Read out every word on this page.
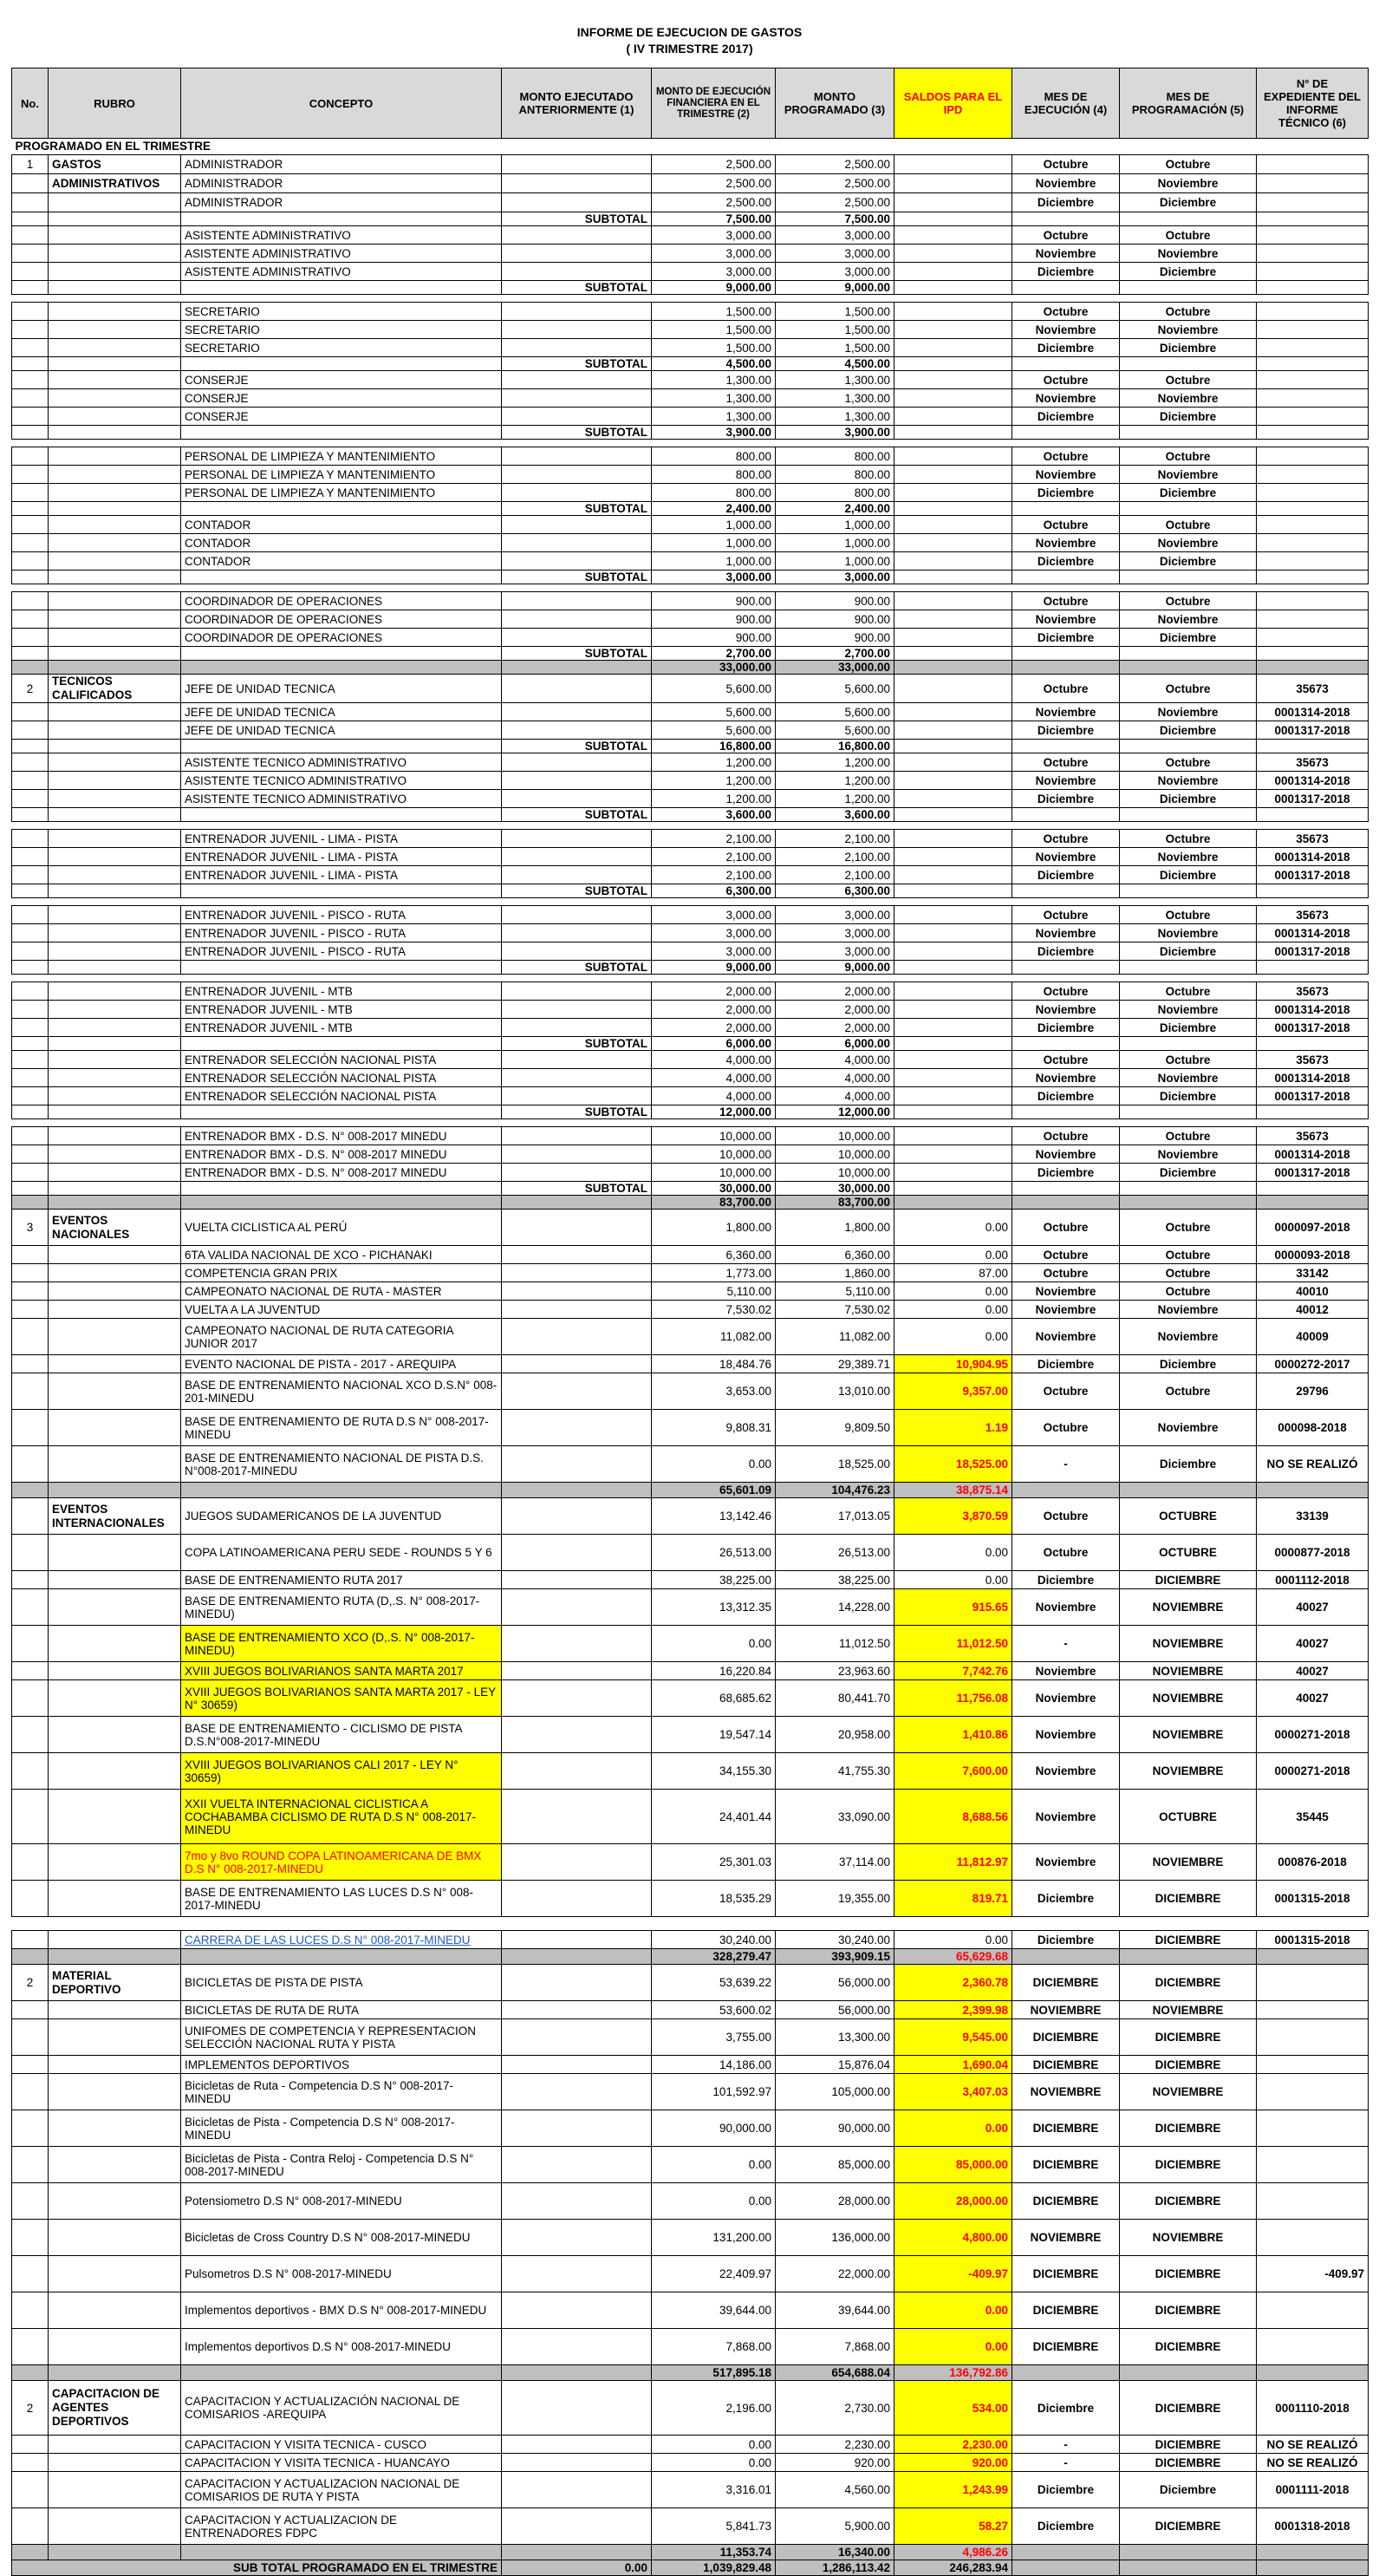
INFORME DE EJECUCION DE GASTOS
( IV TRIMESTRE 2017)
No.	RUBRO	CONCEPTO	MONTO EJECUTADO ANTERIORMENTE (1)	MONTO DE EJECUCIÓN FINANCIERA EN EL TRIMESTRE (2)	MONTO PROGRAMADO (3)	SALDOS PARA EL IPD	MES DE EJECUCIÓN (4)	MES DE PROGRAMACIÓN (5)	N° DE EXPEDIENTE DEL INFORME TÉCNICO (6)
PROGRAMADO EN EL TRIMESTRE									
1	GASTOS	ADMINISTRADOR		2,500.00	2,500.00		Octubre	Octubre	
	ADMINISTRATIVOS	ADMINISTRADOR		2,500.00	2,500.00		Noviembre	Noviembre	
		ADMINISTRADOR		2,500.00	2,500.00		Diciembre	Diciembre	
			SUBTOTAL	7,500.00	7,500.00				
		ASISTENTE ADMINISTRATIVO		3,000.00	3,000.00		Octubre	Octubre	
		ASISTENTE ADMINISTRATIVO		3,000.00	3,000.00		Noviembre	Noviembre	
		ASISTENTE ADMINISTRATIVO		3,000.00	3,000.00		Diciembre	Diciembre	
			SUBTOTAL	9,000.00	9,000.00				

		SECRETARIO		1,500.00	1,500.00		Octubre	Octubre	
		SECRETARIO		1,500.00	1,500.00		Noviembre	Noviembre	
		SECRETARIO		1,500.00	1,500.00		Diciembre	Diciembre	
			SUBTOTAL	4,500.00	4,500.00				
		CONSERJE		1,300.00	1,300.00		Octubre	Octubre	
		CONSERJE		1,300.00	1,300.00		Noviembre	Noviembre	
		CONSERJE		1,300.00	1,300.00		Diciembre	Diciembre	
			SUBTOTAL	3,900.00	3,900.00				

		PERSONAL DE LIMPIEZA Y MANTENIMIENTO		800.00	800.00		Octubre	Octubre	
		PERSONAL DE LIMPIEZA Y MANTENIMIENTO		800.00	800.00		Noviembre	Noviembre	
		PERSONAL DE LIMPIEZA Y MANTENIMIENTO		800.00	800.00		Diciembre	Diciembre	
			SUBTOTAL	2,400.00	2,400.00				
		CONTADOR		1,000.00	1,000.00		Octubre	Octubre	
		CONTADOR		1,000.00	1,000.00		Noviembre	Noviembre	
		CONTADOR		1,000.00	1,000.00		Diciembre	Diciembre	
			SUBTOTAL	3,000.00	3,000.00				

		COORDINADOR DE OPERACIONES		900.00	900.00		Octubre	Octubre	
		COORDINADOR DE OPERACIONES		900.00	900.00		Noviembre	Noviembre	
		COORDINADOR DE OPERACIONES		900.00	900.00		Diciembre	Diciembre	
			SUBTOTAL	2,700.00	2,700.00				
				33,000.00	33,000.00				
2	TECNICOS CALIFICADOS	JEFE DE UNIDAD TECNICA		5,600.00	5,600.00		Octubre	Octubre	35673
		JEFE DE UNIDAD TECNICA		5,600.00	5,600.00		Noviembre	Noviembre	0001314-2018
		JEFE DE UNIDAD TECNICA		5,600.00	5,600.00		Diciembre	Diciembre	0001317-2018
			SUBTOTAL	16,800.00	16,800.00				
		ASISTENTE TECNICO ADMINISTRATIVO		1,200.00	1,200.00		Octubre	Octubre	35673
		ASISTENTE TECNICO ADMINISTRATIVO		1,200.00	1,200.00		Noviembre	Noviembre	0001314-2018
		ASISTENTE TECNICO ADMINISTRATIVO		1,200.00	1,200.00		Diciembre	Diciembre	0001317-2018
			SUBTOTAL	3,600.00	3,600.00				

		ENTRENADOR JUVENIL - LIMA - PISTA		2,100.00	2,100.00		Octubre	Octubre	35673
		ENTRENADOR JUVENIL - LIMA - PISTA		2,100.00	2,100.00		Noviembre	Noviembre	0001314-2018
		ENTRENADOR JUVENIL - LIMA - PISTA		2,100.00	2,100.00		Diciembre	Diciembre	0001317-2018
			SUBTOTAL	6,300.00	6,300.00				

		ENTRENADOR JUVENIL - PISCO - RUTA		3,000.00	3,000.00		Octubre	Octubre	35673
		ENTRENADOR JUVENIL - PISCO - RUTA		3,000.00	3,000.00		Noviembre	Noviembre	0001314-2018
		ENTRENADOR JUVENIL - PISCO - RUTA		3,000.00	3,000.00		Diciembre	Diciembre	0001317-2018
			SUBTOTAL	9,000.00	9,000.00				

		ENTRENADOR JUVENIL - MTB		2,000.00	2,000.00		Octubre	Octubre	35673
		ENTRENADOR JUVENIL - MTB		2,000.00	2,000.00		Noviembre	Noviembre	0001314-2018
		ENTRENADOR JUVENIL - MTB		2,000.00	2,000.00		Diciembre	Diciembre	0001317-2018
			SUBTOTAL	6,000.00	6,000.00				
		ENTRENADOR SELECCIÓN NACIONAL PISTA		4,000.00	4,000.00		Octubre	Octubre	35673
		ENTRENADOR SELECCIÓN NACIONAL PISTA		4,000.00	4,000.00		Noviembre	Noviembre	0001314-2018
		ENTRENADOR SELECCIÓN NACIONAL PISTA		4,000.00	4,000.00		Diciembre	Diciembre	0001317-2018
			SUBTOTAL	12,000.00	12,000.00				

		ENTRENADOR BMX - D.S. N° 008-2017 MINEDU		10,000.00	10,000.00		Octubre	Octubre	35673
		ENTRENADOR BMX - D.S. N° 008-2017 MINEDU		10,000.00	10,000.00		Noviembre	Noviembre	0001314-2018
		ENTRENADOR BMX - D.S. N° 008-2017 MINEDU		10,000.00	10,000.00		Diciembre	Diciembre	0001317-2018
			SUBTOTAL	30,000.00	30,000.00				
				83,700.00	83,700.00				
3	EVENTOS NACIONALES	VUELTA CICLISTICA AL PERÚ		1,800.00	1,800.00	0.00	Octubre	Octubre	0000097-2018
		6TA VALIDA NACIONAL DE XCO - PICHANAKI		6,360.00	6,360.00	0.00	Octubre	Octubre	0000093-2018
		COMPETENCIA GRAN PRIX		1,773.00	1,860.00	87.00	Octubre	Octubre	33142
		CAMPEONATO NACIONAL DE RUTA - MASTER		5,110.00	5,110.00	0.00	Noviembre	Octubre	40010
		VUELTA A LA JUVENTUD		7,530.02	7,530.02	0.00	Noviembre	Noviembre	40012
		CAMPEONATO NACIONAL DE RUTA CATEGORIA JUNIOR 2017		11,082.00	11,082.00	0.00	Noviembre	Noviembre	40009
		EVENTO NACIONAL DE PISTA - 2017 - AREQUIPA		18,484.76	29,389.71	10,904.95	Diciembre	Diciembre	0000272-2017
		BASE DE ENTRENAMIENTO NACIONAL XCO D.S.N° 008-201-MINEDU		3,653.00	13,010.00	9,357.00	Octubre	Octubre	29796
		BASE DE ENTRENAMIENTO DE RUTA D.S N° 008-2017-MINEDU		9,808.31	9,809.50	1.19	Octubre	Noviembre	000098-2018
		BASE DE ENTRENAMIENTO NACIONAL DE PISTA D.S. N°008-2017-MINEDU		0.00	18,525.00	18,525.00	-	Diciembre	NO SE REALIZÓ
				65,601.09	104,476.23	38,875.14			
	EVENTOS INTERNACIONALES	JUEGOS SUDAMERICANOS DE LA JUVENTUD		13,142.46	17,013.05	3,870.59	Octubre	OCTUBRE	33139
		COPA LATINOAMERICANA PERU SEDE - ROUNDS 5 Y 6		26,513.00	26,513.00	0.00	Octubre	OCTUBRE	0000877-2018
		BASE DE ENTRENAMIENTO RUTA 2017		38,225.00	38,225.00	0.00	Diciembre	DICIEMBRE	0001112-2018
		BASE DE ENTRENAMIENTO RUTA (D,.S. N° 008-2017-MINEDU)		13,312.35	14,228.00	915.65	Noviembre	NOVIEMBRE	40027
		BASE DE ENTRENAMIENTO XCO (D,.S. N° 008-2017-MINEDU)		0.00	11,012.50	11,012.50	-	NOVIEMBRE	40027
		XVIII JUEGOS BOLIVARIANOS SANTA MARTA 2017		16,220.84	23,963.60	7,742.76	Noviembre	NOVIEMBRE	40027
		XVIII JUEGOS BOLIVARIANOS SANTA MARTA 2017 - LEY N° 30659)		68,685.62	80,441.70	11,756.08	Noviembre	NOVIEMBRE	40027
		BASE DE ENTRENAMIENTO - CICLISMO DE PISTA D.S.N°008-2017-MINEDU		19,547.14	20,958.00	1,410.86	Noviembre	NOVIEMBRE	0000271-2018
		XVIII JUEGOS BOLIVARIANOS CALI 2017 - LEY N° 30659)		34,155.30	41,755.30	7,600.00	Noviembre	NOVIEMBRE	0000271-2018
		XXII VUELTA INTERNACIONAL CICLISTICA A COCHABAMBA CICLISMO DE RUTA D.S N° 008-2017-MINEDU		24,401.44	33,090.00	8,688.56	Noviembre	OCTUBRE	35445
		7mo y 8vo ROUND COPA LATINOAMERICANA DE BMX D.S N° 008-2017-MINEDU		25,301.03	37,114.00	11,812.97	Noviembre	NOVIEMBRE	000876-2018
		BASE DE ENTRENAMIENTO LAS LUCES D.S N° 008-2017-MINEDU		18,535.29	19,355.00	819.71	Diciembre	DICIEMBRE	0001315-2018

		CARRERA DE LAS LUCES D.S N° 008-2017-MINEDU		30,240.00	30,240.00	0.00	Diciembre	DICIEMBRE	0001315-2018
				328,279.47	393,909.15	65,629.68			
2	MATERIAL DEPORTIVO	BICICLETAS DE PISTA DE PISTA		53,639.22	56,000.00	2,360.78	DICIEMBRE	DICIEMBRE	
		BICICLETAS DE RUTA DE RUTA		53,600.02	56,000.00	2,399.98	NOVIEMBRE	NOVIEMBRE	
		UNIFOMES DE COMPETENCIA Y REPRESENTACION SELECCIÓN NACIONAL RUTA Y PISTA		3,755.00	13,300.00	9,545.00	DICIEMBRE	DICIEMBRE	
		IMPLEMENTOS DEPORTIVOS		14,186.00	15,876.04	1,690.04	DICIEMBRE	DICIEMBRE	
		Bicicletas de Ruta - Competencia D.S N° 008-2017-MINEDU		101,592.97	105,000.00	3,407.03	NOVIEMBRE	NOVIEMBRE	
		Bicicletas de Pista - Competencia D.S N° 008-2017-MINEDU		90,000.00	90,000.00	0.00	DICIEMBRE	DICIEMBRE	
		Bicicletas de Pista - Contra Reloj - Competencia D.S N° 008-2017-MINEDU		0.00	85,000.00	85,000.00	DICIEMBRE	DICIEMBRE	
		Potensiometro D.S N° 008-2017-MINEDU		0.00	28,000.00	28,000.00	DICIEMBRE	DICIEMBRE	
		Bicicletas de Cross Country D.S N° 008-2017-MINEDU		131,200.00	136,000.00	4,800.00	NOVIEMBRE	NOVIEMBRE	
		Pulsometros D.S N° 008-2017-MINEDU		22,409.97	22,000.00	-409.97	DICIEMBRE	DICIEMBRE	-409.97
		Implementos deportivos - BMX D.S N° 008-2017-MINEDU		39,644.00	39,644.00	0.00	DICIEMBRE	DICIEMBRE	
		Implementos deportivos D.S N° 008-2017-MINEDU		7,868.00	7,868.00	0.00	DICIEMBRE	DICIEMBRE	
				517,895.18	654,688.04	136,792.86			
2	CAPACITACION DE AGENTES DEPORTIVOS	CAPACITACION Y ACTUALIZACIÓN NACIONAL DE COMISARIOS -AREQUIPA		2,196.00	2,730.00	534.00	Diciembre	DICIEMBRE	0001110-2018
		CAPACITACION Y VISITA TECNICA - CUSCO		0.00	2,230.00	2,230.00	-	DICIEMBRE	NO SE REALIZÓ
		CAPACITACION Y VISITA TECNICA - HUANCAYO		0.00	920.00	920.00	-	DICIEMBRE	NO SE REALIZÓ
		CAPACITACION Y ACTUALIZACION NACIONAL DE COMISARIOS DE RUTA Y PISTA		3,316.01	4,560.00	1,243.99	Diciembre	Diciembre	0001111-2018
		CAPACITACION Y ACTUALIZACION DE ENTRENADORES FDPC		5,841.73	5,900.00	58.27	Diciembre	DICIEMBRE	0001318-2018
				11,353.74	16,340.00	4,986.26			
SUB TOTAL PROGRAMADO EN EL TRIMESTRE			0.00	1,039,829.48	1,286,113.42	246,283.94			
